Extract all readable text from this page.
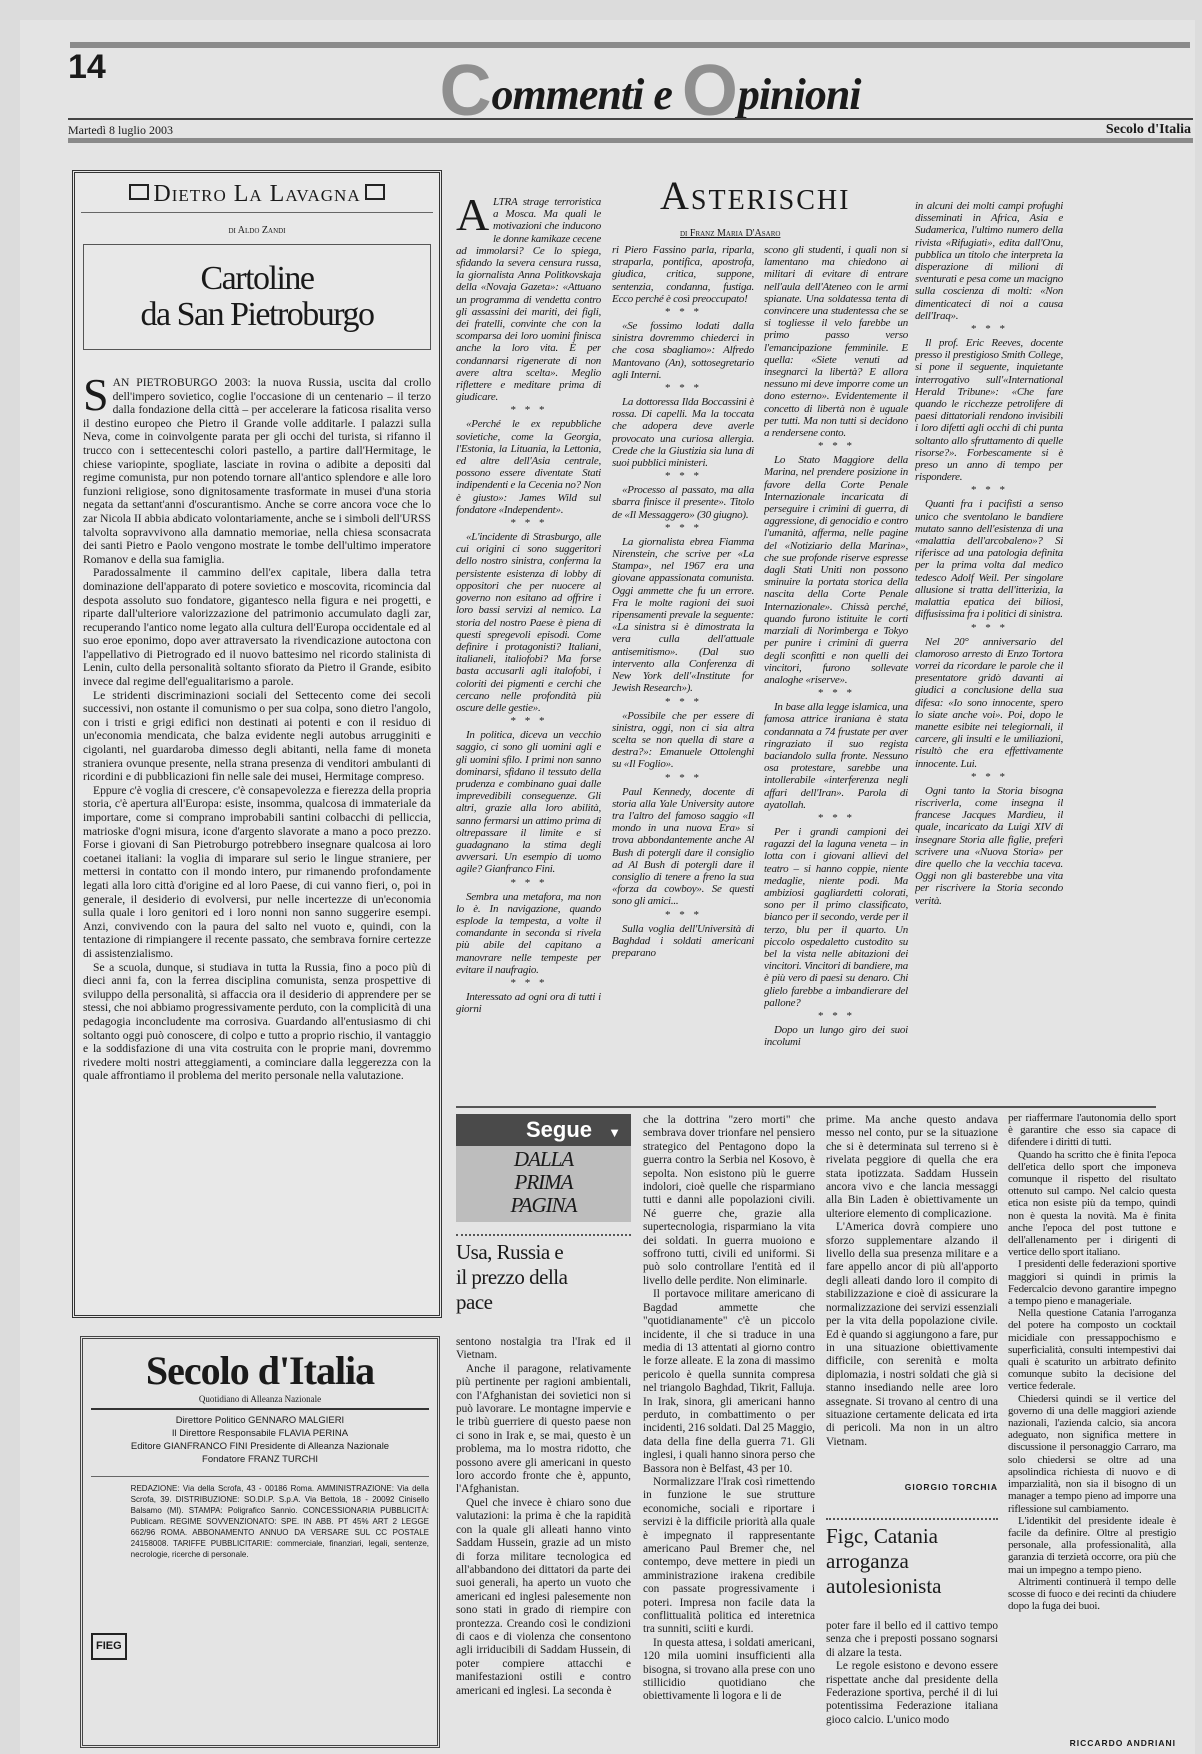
14	Commenti e Opinioni
Martedì 8 luglio 2003	Secolo d'Italia
Dietro La Lavagna
di Aldo Zandi
Cartoline
da San Pietroburgo
S AN PIETROBURGO 2003: la nuova Russia, uscita dal crollo dell'impero sovietico, coglie l'occasione di un centenario – il terzo dalla fondazione della città – per accelerare la faticosa risalita verso il destino europeo che Pietro il Grande volle additarle. I palazzi sulla Neva, come in coinvolgente parata per gli occhi del turista, si rifanno il trucco con i settecenteschi colori pastello, a partire dall'Hermitage, le chiese variopinte, spogliate, lasciate in rovina o adibite a depositi dal regime comunista, pur non potendo tornare all'antico splendore e alle loro funzioni religiose, sono dignitosamente trasformate in musei d'una storia negata da settant'anni d'oscurantismo. Anche se corre ancora voce che lo zar Nicola II abbia abdicato volontariamente, anche se i simboli dell'URSS talvolta sopravvivono alla damnatio memoriae, nella chiesa sconsacrata dei santi Pietro e Paolo vengono mostrate le tombe dell'ultimo imperatore Romanov e della sua famiglia.

Paradossalmente il cammino dell'ex capitale, libera dalla tetra dominazione dell'apparato di potere sovietico e moscovita, ricomincia dal despota assoluto suo fondatore, gigantesco nella figura e nei progetti, e riparte dall'ulteriore valorizzazione del patrimonio accumulato dagli zar, recuperando l'antico nome legato alla cultura dell'Europa occidentale ed al suo eroe eponimo, dopo aver attraversato la rivendicazione autoctona con l'appellativo di Pietrogrado ed il nuovo battesimo nel ricordo stalinista di Lenin, culto della personalità soltanto sfiorato da Pietro il Grande, esibito invece dal regime dell'egualitarismo a parole.

Le stridenti discriminazioni sociali del Settecento come dei secoli successivi, non ostante il comunismo o per sua colpa, sono dietro l'angolo, con i tristi e grigi edifici non destinati ai potenti e con il residuo di un'economia mendicata, che balza evidente negli autobus arrugginiti e cigolanti, nel guardaroba dimesso degli abitanti, nella fame di moneta straniera ovunque presente, nella strana presenza di venditori ambulanti di ricordini e di pubblicazioni fin nelle sale dei musei, Hermitage compreso.

Eppure c'è voglia di crescere, c'è consapevolezza e fierezza della propria storia, c'è apertura all'Europa: esiste, insomma, qualcosa di immateriale da importare, come si comprano improbabili santini colbacchi di pelliccia, matrioske d'ogni misura, icone d'argento slavorate a mano a poco prezzo. Forse i giovani di San Pietroburgo potrebbero insegnare qualcosa ai loro coetanei italiani: la voglia di imparare sul serio le lingue straniere, per mettersi in contatto con il mondo intero, pur rimanendo profondamente legati alla loro città d'origine ed al loro Paese, di cui vanno fieri, o, poi in generale, il desiderio di evolversi, pur nelle incertezze di un'economia sulla quale i loro genitori ed i loro nonni non sanno suggerire esempi. Anzi, convivendo con la paura del salto nel vuoto e, quindi, con la tentazione di rimpiangere il recente passato, che sembrava fornire certezze di assistenzialismo.

Se a scuola, dunque, si studiava in tutta la Russia, fino a poco più di dieci anni fa, con la ferrea disciplina comunista, senza prospettive di sviluppo della personalità, si affaccia ora il desiderio di apprendere per se stessi, che noi abbiamo progressivamente perduto, con la complicità di una pedagogia inconcludente ma corrosiva. Guardando all'entusiasmo di chi soltanto oggi può conoscere, di colpo e tutto a proprio rischio, il vantaggio e la soddisfazione di una vita costruita con le proprie mani, dovremmo rivedere molti nostri atteggiamenti, a cominciare dalla leggerezza con la quale affrontiamo il problema del merito personale nella valutazione.

Secolo d'Italia
Quotidiano di Alleanza Nazionale
Direttore Politico GENNARO MALGIERI
Il Direttore Responsabile FLAVIA PERINA
Editore GIANFRANCO FINI Presidente di Alleanza Nazionale
Fondatore FRANZ TURCHI
FIEG
REDAZIONE: Via della Scrofa, 43 - 00186 Roma. AMMINISTRAZIONE: Via della Scrofa, 39. DISTRIBUZIONE: SO.DI.P. S.p.A. Via Bettola, 18 - 20092 Cinisello Balsamo (MI). STAMPA: Poligrafico Sannio. CONCESSIONARIA PUBBLICITÀ: Publicam. REGIME SOVVENZIONATO: SPE. IN ABB. PT 45% ART 2 LEGGE 662/96 ROMA. ABBONAMENTO ANNUO DA VERSARE SUL CC POSTALE 24158008. TARIFFE PUBBLICITARIE: commerciale, finanziari, legali, sentenze, necrologie, ricerche di personale.
Asterischi
di Franz Maria D'Asaro
A LTRA strage terroristica a Mosca. Ma quali le motivazioni che inducono le donne kamikaze cecene ad immolarsi? Ce lo spiega, sfidando la severa censura russa, la giornalista Anna Politkovskaja della «Novaja Gazeta»: «Attuano un programma di vendetta contro gli assassini dei mariti, dei figli, dei fratelli, convinte che con la scomparsa dei loro uomini finisca anche la loro vita. È per condannarsi rigenerate di non avere altra scelta». Meglio riflettere e meditare prima di giudicare.

* * *

«Perché le ex repubbliche sovietiche, come la Georgia, l'Estonia, la Lituania, la Lettonia, ed altre dell'Asia centrale, possono essere diventate Stati indipendenti e la Cecenia no? Non è giusto»: James Wild sul fondatore «Independent».

* * *

«L'incidente di Strasburgo, alle cui origini ci sono suggeritori dello nostro sinistra, conferma la persistente esistenza di lobby di oppositori che per nuocere al governo non esitano ad offrire i loro bassi servizi al nemico. La storia del nostro Paese è piena di questi spregevoli episodi. Come definire i protagonisti? Italiani, italianeli, italiofobi? Ma forse basta accusarli agli italofobi, i coloriti dei pigmenti e cerchi che cercano nelle profondità più oscure delle gestie».

* * *

In politica, diceva un vecchio saggio, ci sono gli uomini agli e gli uomini sfilo. I primi non sanno dominarsi, sfidano il tessuto della prudenza e combinano guai dalle imprevedibili conseguenze. Gli altri, grazie alla loro abilità, sanno fermarsi un attimo prima di oltrepassare il limite e si guadagnano la stima degli avversari. Un esempio di uomo agile? Gianfranco Fini.

* * *

Sembra una metafora, ma non lo è. In navigazione, quando esplode la tempesta, a volte il comandante in seconda si rivela più abile del capitano a manovrare nelle tempeste per evitare il naufragio.

* * *

Interessato ad ogni ora di tutti i giorni

ri Piero Fassino parla, riparla, straparla, pontifica, apostrofa, giudica, critica, suppone, sentenzia, condanna, fustiga. Ecco perché è così preoccupato!

* * *

«Se fossimo lodati dalla sinistra dovremmo chiederci in che cosa sbagliamo»: Alfredo Mantovano (An), sottosegretario agli Interni.

* * *

La dottoressa Ilda Boccassini è rossa. Di capelli. Ma la toccata che adopera deve averle provocato una curiosa allergia. Crede che la Giustizia sia luna di suoi pubblici ministeri.

* * *

«Processo al passato, ma alla sbarra finisce il presente». Titolo de «Il Messaggero» (30 giugno).

* * *

La giornalista ebrea Fiamma Nirenstein, che scrive per «La Stampa», nel 1967 era una giovane appassionata comunista. Oggi ammette che fu un errore. Fra le molte ragioni dei suoi ripensamenti prevale la seguente: «La sinistra si è dimostrata la vera culla dell'attuale antisemitismo». (Dal suo intervento alla Conferenza di New York dell'«Institute for Jewish Research»).

* * *

«Possibile che per essere di sinistra, oggi, non ci sia altra scelta se non quella di stare a destra?»: Emanuele Ottolenghi su «Il Foglio».

* * *

Paul Kennedy, docente di storia alla Yale University autore tra l'altro del famoso saggio «Il mondo in una nuova Era» si trova abbondantemente anche Al Bush di potergli dare il consiglio ad Al Bush di potergli dare il consiglio di tenere a freno la sua «forza da cowboy». Se questi sono gli amici...

* * *

Sulla voglia dell'Università di Baghdad i soldati americani preparano

scono gli studenti, i quali non si lamentano ma chiedono ai militari di evitare di entrare nell'aula dell'Ateneo con le armi spianate. Una soldatessa tenta di convincere una studentessa che se si togliesse il velo farebbe un primo passo verso l'emancipazione femminile. E quella: «Siete venuti ad insegnarci la libertà? E allora nessuno mi deve imporre come un dono esterno». Evidentemente il concetto di libertà non è uguale per tutti. Ma non tutti si decidono a rendersene conto.

* * *

Lo Stato Maggiore della Marina, nel prendere posizione in favore della Corte Penale Internazionale incaricata di perseguire i crimini di guerra, di aggressione, di genocidio e contro l'umanità, afferma, nelle pagine del «Notiziario della Marina», che sue profonde riserve espresse dagli Stati Uniti non possono sminuire la portata storica della nascita della Corte Penale Internazionale». Chissà perché, quando furono istituite le corti marziali di Norimberga e Tokyo per punire i crimini di guerra degli sconfitti e non quelli dei vincitori, furono sollevate analoghe «riserve».

* * *

In base alla legge islamica, una famosa attrice iraniana è stata condannata a 74 frustate per aver ringraziato il suo regista baciandolo sulla fronte. Nessuno osa protestare, sarebbe una intollerabile «interferenza negli affari dell'Iran». Parola di ayatollah.

* * *

Per i grandi campioni dei ragazzi del la laguna veneta – in lotta con i giovani allievi del teatro – si hanno coppie, niente medaglie, niente podi. Ma ambiziosi gagliardetti colorati, sono per il primo classificato, bianco per il secondo, verde per il terzo, blu per il quarto. Un piccolo ospedaletto custodito su bel la vista nelle abitazioni dei vincitori. Vincitori di bandiere, ma è più vero di paesi su denaro. Chi glielo farebbe a imbandierare del pallone?

* * *

Dopo un lungo giro dei suoi incolumi

in alcuni dei molti campi profughi disseminati in Africa, Asia e Sudamerica, l'ultimo numero della rivista «Rifugiati», edita dall'Onu, pubblica un titolo che interpreta la disperazione di milioni di sventurati e pesa come un macigno sulla coscienza di molti: «Non dimenticateci di noi a causa dell'Iraq».

* * *

Il prof. Eric Reeves, docente presso il prestigioso Smith College, si pone il seguente, inquietante interrogativo sull'«International Herald Tribune»: «Che fare quando le ricchezze petrolifere di paesi dittatoriali rendono invisibili i loro difetti agli occhi di chi punta soltanto allo sfruttamento di quelle risorse?». Forbescamente si è preso un anno di tempo per rispondere.

* * *

Quanti fra i pacifisti a senso unico che sventolano le bandiere mutato sanno dell'esistenza di una «malattia dell'arcobaleno»? Si riferisce ad una patologia definita per la prima volta dal medico tedesco Adolf Weil. Per singolare allusione si tratta dell'itterizia, la malattia epatica dei biliosi, diffusissima fra i politici di sinistra.

* * *

Nel 20° anniversario del clamoroso arresto di Enzo Tortora vorrei da ricordare le parole che il presentatore gridò davanti ai giudici a conclusione della sua difesa: «Io sono innocente, spero lo siate anche voi». Poi, dopo le manette esibite nei telegiornali, il carcere, gli insulti e le umiliazioni, risultò che era effettivamente innocente. Lui.

* * *

Ogni tanto la Storia bisogna riscriverla, come insegna il francese Jacques Mardieu, il quale, incaricato da Luigi XIV di insegnare Storia alle figlie, preferì scrivere una «Nuova Storia» per dire quello che la vecchia taceva. Oggi non gli basterebbe una vita per riscrivere la Storia secondo verità.

Segue ▼
DALLA
PRIMA
PAGINA
Usa, Russia e il prezzo della pace

sentono nostalgia tra l'Irak ed il Vietnam.

Anche il paragone, relativamente più pertinente per ragioni ambientali, con l'Afghanistan dei sovietici non si può lavorare. Le montagne impervie e le tribù guerriere di questo paese non ci sono in Irak e, se mai, questo è un problema, ma lo mostra ridotto, che possono avere gli americani in questo loro accordo fronte che è, appunto, l'Afghanistan.

Quel che invece è chiaro sono due valutazioni: la prima è che la rapidità con la quale gli alleati hanno vinto Saddam Hussein, grazie ad un misto di forza militare tecnologica ed all'abbandono dei dittatori da parte dei suoi generali, ha aperto un vuoto che americani ed inglesi palesemente non sono stati in grado di riempire con prontezza. Creando così le condizioni di caos e di violenza che consentono agli irriducibili di Saddam Hussein, di poter compiere attacchi e manifestazioni ostili e contro americani ed inglesi. La seconda è

che la dottrina "zero morti" che sembrava dover trionfare nel pensiero strategico del Pentagono dopo la guerra contro la Serbia nel Kosovo, è sepolta. Non esistono più le guerre indolori, cioè quelle che risparmiano tutti e danni alle popolazioni civili. Né guerre che, grazie alla supertecnologia, risparmiano la vita dei soldati. In guerra muoiono e soffrono tutti, civili ed uniformi. Si può solo controllare l'entità ed il livello delle perdite. Non eliminarle.

Il portavoce militare americano di Bagdad ammette che "quotidianamente" c'è un piccolo incidente, il che si traduce in una media di 13 attentati al giorno contro le forze alleate. E la zona di massimo pericolo è quella sunnita compresa nel triangolo Baghdad, Tikrit, Falluja. In Irak, sinora, gli americani hanno perduto, in combattimento o per incidenti, 216 soldati. Dal 25 Maggio, data della fine della guerra 71. Gli inglesi, i quali hanno sinora perso che Bassora non è Belfast, 43 per 10.

Normalizzare l'Irak così rimettendo in funzione le sue strutture economiche, sociali e riportare i servizi è la difficile priorità alla quale è impegnato il rappresentante americano Paul Bremer che, nel contempo, deve mettere in piedi un amministrazione irakena credibile con passate progressivamente i poteri. Impresa non facile data la conflittualità politica ed interetnica tra sunniti, sciiti e kurdi.

In questa attesa, i soldati americani, 120 mila uomini insufficienti alla bisogna, si trovano alla prese con uno stillicidio quotidiano che obiettivamente lì logora e li de

prime. Ma anche questo andava messo nel conto, pur se la situazione che si è determinata sul terreno si è rivelata peggiore di quella che era stata ipotizzata. Saddam Hussein ancora vivo e che lancia messaggi alla Bin Laden è obiettivamente un ulteriore elemento di complicazione.

L'America dovrà compiere uno sforzo supplementare alzando il livello della sua presenza militare e a fare appello ancor di più all'apporto degli alleati dando loro il compito di stabilizzazione e cioè di assicurare la normalizzazione dei servizi essenziali per la vita della popolazione civile. Ed è quando si aggiungono a fare, pur in una situazione obiettivamente difficile, con serenità e molta diplomazia, i nostri soldati che già si stanno insediando nelle aree loro assegnate. Si trovano al centro di una situazione certamente delicata ed irta di pericoli. Ma non in un altro Vietnam.

GIORGIO TORCHIA
Figc, Catania arroganza autolesionista

poter fare il bello ed il cattivo tempo senza che i preposti possano sognarsi di alzare la testa.

Le regole esistono e devono essere rispettate anche dal presidente della Federazione sportiva, perché il di lui potentissima Federazione italiana gioco calcio. L'unico modo

per riaffermare l'autonomia dello sport è garantire che esso sia capace di difendere i diritti di tutti.

Quando ha scritto che è finita l'epoca dell'etica dello sport che imponeva comunque il rispetto del risultato ottenuto sul campo. Nel calcio questa etica non esiste più da tempo, quindi non è questa la novità. Ma è finita anche l'epoca del post tuttone e dell'allenamento per i dirigenti di vertice dello sport italiano.

I presidenti delle federazioni sportive maggiori si quindi in primis la Federcalcio devono garantire impegno a tempo pieno e manageriale.

Nella questione Catania l'arroganza del potere ha composto un cocktail micidiale con pressappochismo e superficialità, consulti intempestivi dai quali è scaturito un arbitrato definito comunque subito la decisione del vertice federale.

Chiedersi quindi se il vertice del governo di una delle maggiori aziende nazionali, l'azienda calcio, sia ancora adeguato, non significa mettere in discussione il personaggio Carraro, ma solo chiedersi se oltre ad una apsolindica richiesta di nuovo e di imparzialità, non sia il bisogno di un manager a tempo pieno ad imporre una riflessione sul cambiamento.

L'identikit del presidente ideale è facile da definire. Oltre al prestigio personale, alla professionalità, alla garanzia di terzietà occorre, ora più che mai un impegno a tempo pieno.

Altrimenti continuerà il tempo delle scosse di fuoco e dei recinti da chiudere dopo la fuga dei buoi.

RICCARDO ANDRIANI
